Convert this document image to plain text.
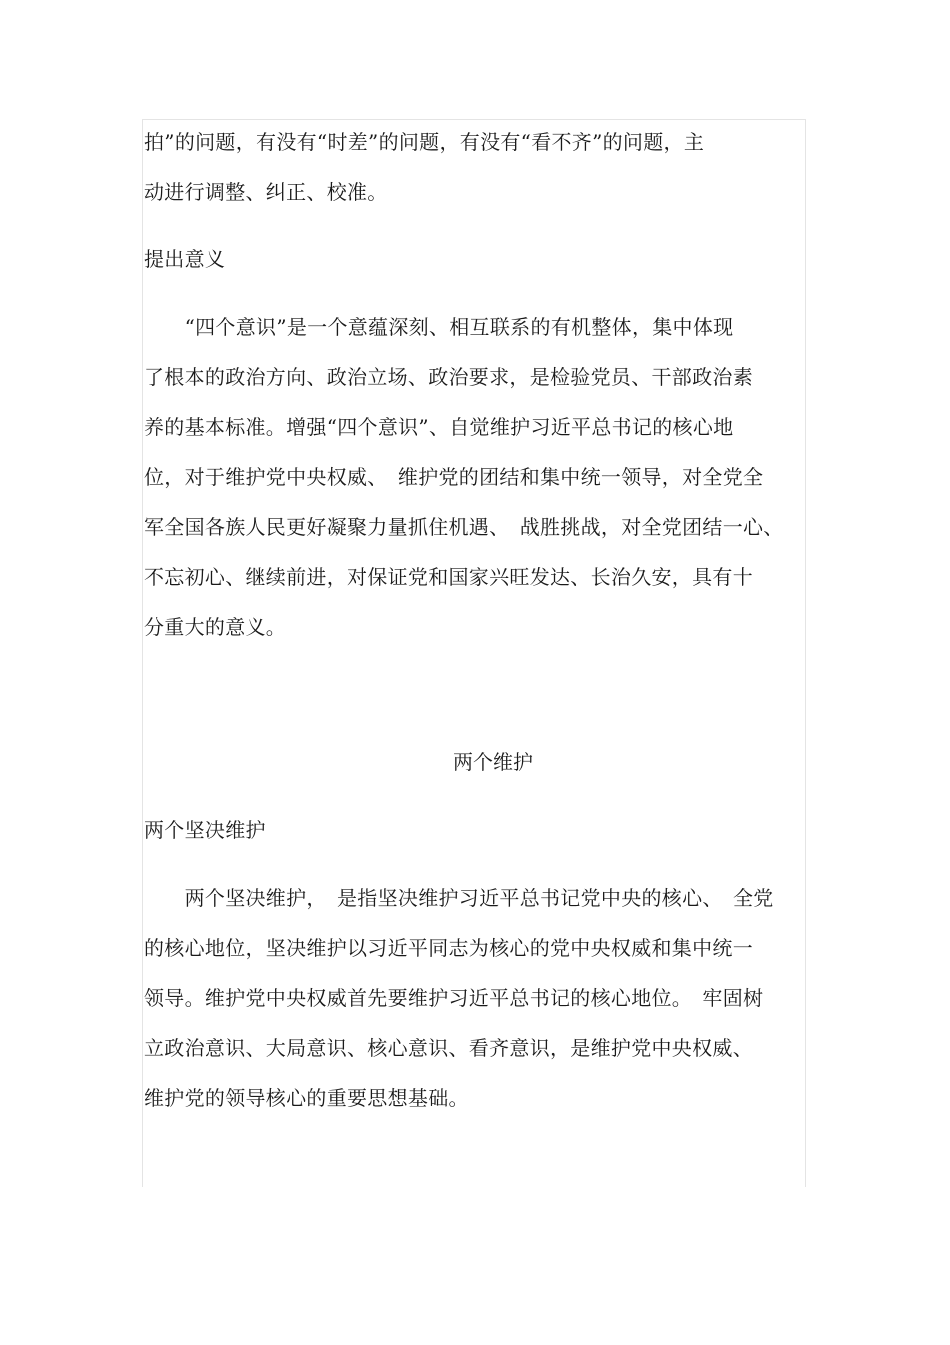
拍”的问题，有没有“时差”的问题，有没有“看不齐”的问题，主
动进行调整、纠正、校准。
提出意义
　　“四个意识”是一个意蕴深刻、相互联系的有机整体，集中体现
了根本的政治方向、政治立场、政治要求，是检验党员、干部政治素
养的基本标准。增强“四个意识”、自觉维护习近平总书记的核心地
位，对于维护党中央权威、　维护党的团结和集中统一领导，对全党全
军全国各族人民更好凝聚力量抓住机遇、　战胜挑战，对全党团结一心、
不忘初心、继续前进，对保证党和国家兴旺发达、长治久安，具有十
分重大的意义。
两个维护
两个坚决维护
　　两个坚决维护，　是指坚决维护习近平总书记党中央的核心、　全党
的核心地位，坚决维护以习近平同志为核心的党中央权威和集中统一
领导。维护党中央权威首先要维护习近平总书记的核心地位。　牢固树
立政治意识、大局意识、核心意识、看齐意识，是维护党中央权威、
维护党的领导核心的重要思想基础。
